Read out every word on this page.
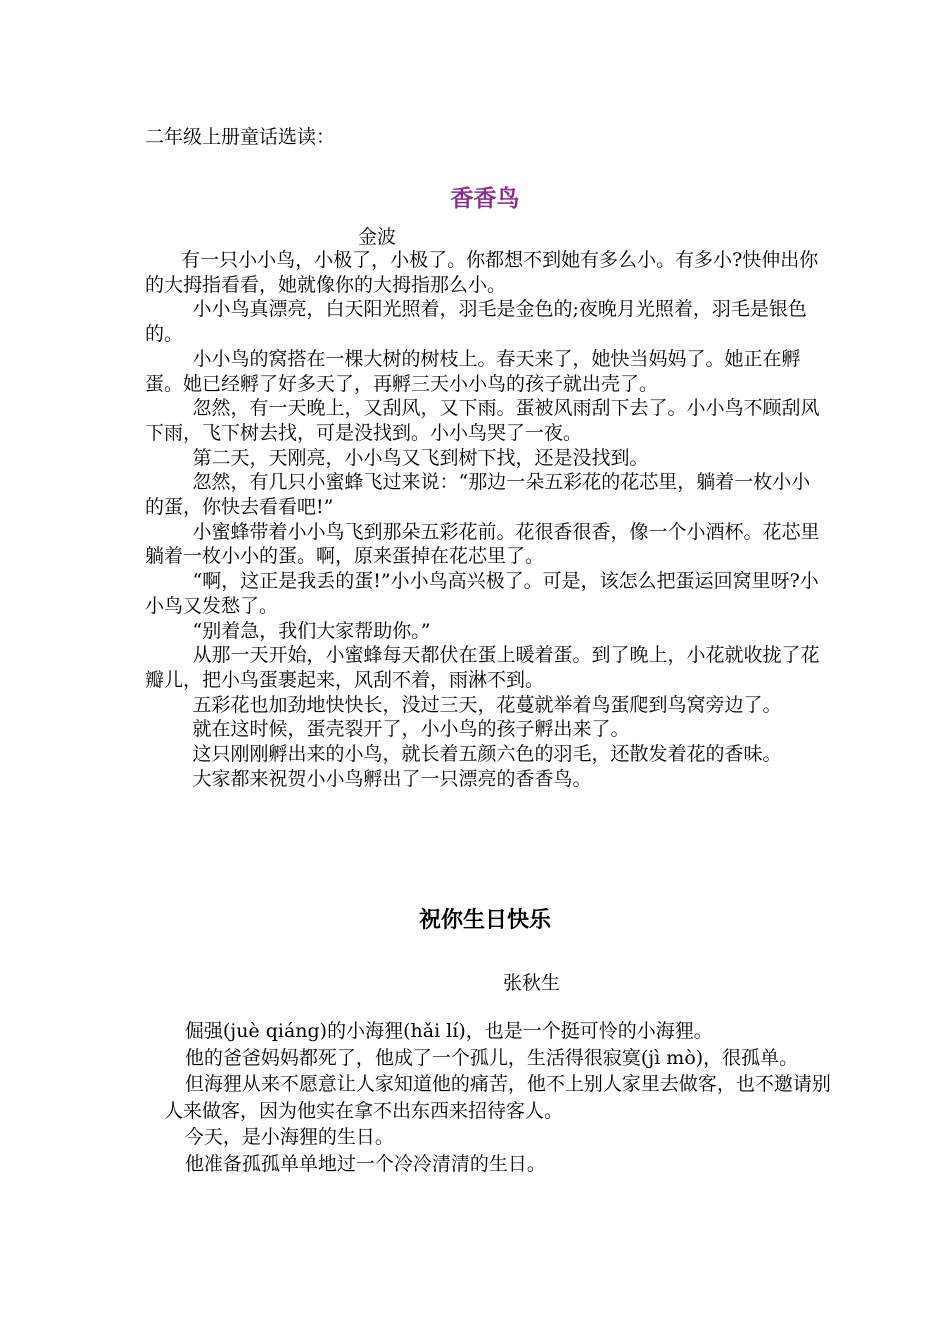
二年级上册童话选读：
香香鸟
金波

有一只小小鸟，小极了，小极了。你都想不到她有多么小。有多小?快伸出你的大拇指看看，她就像你的大拇指那么小。

小小鸟真漂亮，白天阳光照着，羽毛是金色的;夜晚月光照着，羽毛是银色的。

小小鸟的窝搭在一棵大树的树枝上。春天来了，她快当妈妈了。她正在孵蛋。她已经孵了好多天了，再孵三天小小鸟的孩子就出壳了。

忽然，有一天晚上，又刮风，又下雨。蛋被风雨刮下去了。小小鸟不顾刮风下雨，飞下树去找，可是没找到。小小鸟哭了一夜。

第二天，天刚亮，小小鸟又飞到树下找，还是没找到。

忽然，有几只小蜜蜂飞过来说：“那边一朵五彩花的花芯里，躺着一枚小小的蛋，你快去看看吧!”

小蜜蜂带着小小鸟飞到那朵五彩花前。花很香很香，像一个小酒杯。花芯里躺着一枚小小的蛋。啊，原来蛋掉在花芯里了。

“啊，这正是我丢的蛋!”小小鸟高兴极了。可是，该怎么把蛋运回窝里呀?小小鸟又发愁了。

“别着急，我们大家帮助你。”

从那一天开始，小蜜蜂每天都伏在蛋上暖着蛋。到了晚上，小花就收拢了花瓣儿，把小鸟蛋裹起来，风刮不着，雨淋不到。

五彩花也加劲地快快长，没过三天，花蔓就举着鸟蛋爬到鸟窝旁边了。

就在这时候，蛋壳裂开了，小小鸟的孩子孵出来了。

这只刚刚孵出来的小鸟，就长着五颜六色的羽毛，还散发着花的香味。

大家都来祝贺小小鸟孵出了一只漂亮的香香鸟。

祝你生日快乐
张秋生

倔强(juè qiáng)的小海狸(hǎi lí)，也是一个挺可怜的小海狸。

他的爸爸妈妈都死了，他成了一个孤儿，生活得很寂寞(jì mò)，很孤单。

但海狸从来不愿意让人家知道他的痛苦，他不上别人家里去做客，也不邀请别人来做客，因为他实在拿不出东西来招待客人。

今天，是小海狸的生日。

他准备孤孤单单地过一个冷冷清清的生日。
